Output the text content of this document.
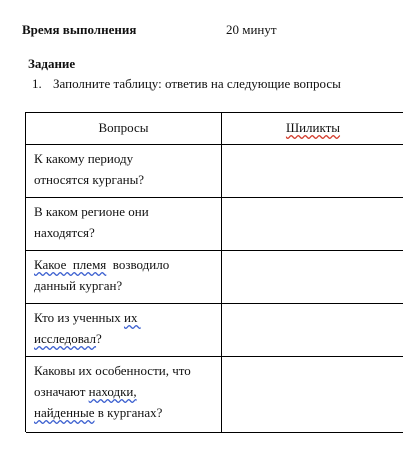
Время выполнения	20 минут
Задание
1. Заполните таблицу: ответив на следующие вопросы
Вопросы	Шиликты
К какому периоду
относятся курганы?
В каком регионе они
находятся?
Какое  племя  возводило
данный курган?
Кто из ученных их
исследовал?
Каковы их особенности, что
означают находки,
найденные в курганах?
